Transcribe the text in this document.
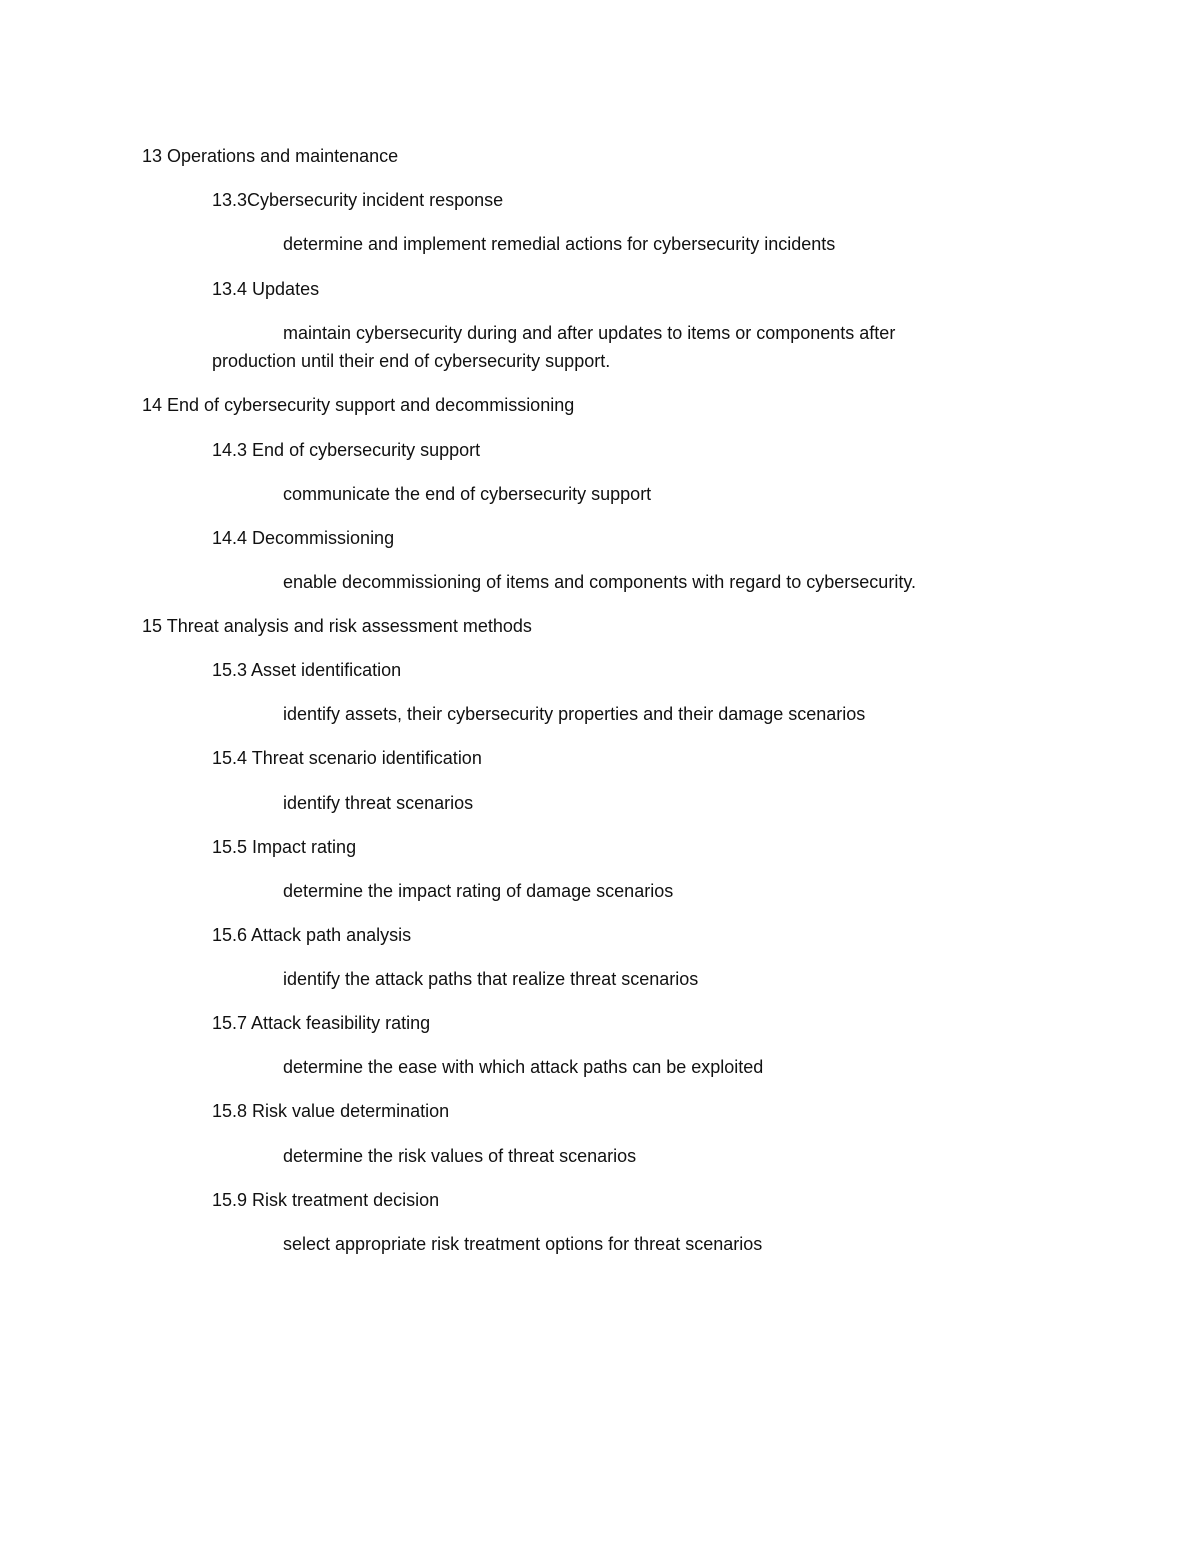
13 Operations and maintenance
13.3Cybersecurity incident response
determine and implement remedial actions for cybersecurity incidents
13.4 Updates
maintain cybersecurity during and after updates to items or components after
production until their end of cybersecurity support.
14 End of cybersecurity support and decommissioning
14.3 End of cybersecurity support
communicate the end of cybersecurity support
14.4 Decommissioning
enable decommissioning of items and components with regard to cybersecurity.
15 Threat analysis and risk assessment methods
15.3 Asset identification
identify assets, their cybersecurity properties and their damage scenarios
15.4 Threat scenario identification
identify threat scenarios
15.5 Impact rating
determine the impact rating of damage scenarios
15.6 Attack path analysis
identify the attack paths that realize threat scenarios
15.7 Attack feasibility rating
determine the ease with which attack paths can be exploited
15.8 Risk value determination
determine the risk values of threat scenarios
15.9 Risk treatment decision
select appropriate risk treatment options for threat scenarios
